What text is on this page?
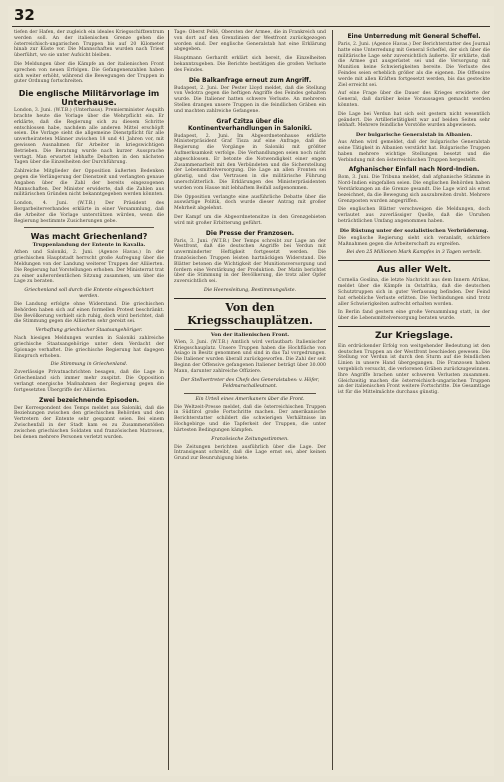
32

tiefen der Hafen, der zugleich ein ideales Kriegsschiffzentrum werden soll. An der italienischen Grenze gehen die österreichisch-ungarischen Truppen bis auf 20 Kilometer hinab zur Küste vor. Die Mannschaften wurden nach Triest überführt, wo sie unter Aufsicht bleiben.

Die Meldungen über die Kämpfe an der italienischen Front sprechen von neuen Erfolgen. Die Gefangenenzahlen haben sich weiter erhöht, während die Bewegungen der Truppen in guter Ordnung fortschreiten.

Die englische Militärvorlage im Unterhause.

London, 3. Juni. (W.T.B.) (Unterhaus). Premierminister Asquith brachte heute die Vorlage über die Wehrpflicht ein. Er erklärte, daß die Regierung sich zu diesem Schritte entschlossen habe, nachdem alle anderen Mittel erschöpft seien. Die Vorlage sieht die allgemeine Dienstpflicht für alle unverheirateten Männer zwischen 18 und 41 Jahren vor, mit gewissen Ausnahmen für Arbeiter in kriegswichtigen Betrieben. Die Beratung wurde nach kurzer Aussprache vertagt. Man erwartet lebhafte Debatten in den nächsten Tagen über die Einzelheiten der Durchführung.

Zahlreiche Mitglieder der Opposition äußerten Bedenken gegen die Verlängerung der Dienstzeit und verlangten genaue Angaben über die Zahl der bereits eingezogenen Mannschaften. Der Minister erwiderte, daß die Zahlen aus militärischen Gründen nicht bekanntgegeben werden könnten.

London, 4. Juni. (W.T.B.) Der Präsident des Bergarbeiterverbandes erklärte in einer Versammlung, daß die Arbeiter die Vorlage unterstützen würden, wenn die Regierung bestimmte Zusicherungen gebe.

Was macht Griechenland?
Truppenlandung der Entente in Kavalla.

Athen und Saloniki, 2. Juni. (Agence Havas.) In der griechischen Hauptstadt herrscht große Aufregung über die Meldungen von der Landung weiterer Truppen der Alliierten. Die Regierung hat Vorstellungen erhoben. Der Ministerrat trat zu einer außerordentlichen Sitzung zusammen, um über die Lage zu beraten.

Griechenland soll durch die Entente eingeschüchtert werden.

Die Landung erfolgte ohne Widerstand. Die griechischen Behörden haben sich auf einen formellen Protest beschränkt. Die Bevölkerung verhielt sich ruhig, doch wird berichtet, daß die Stimmung gegen die Alliierten sehr gereizt sei.

Verhaftung griechischer Staatsangehöriger.

Nach hiesigen Meldungen wurden in Saloniki zahlreiche griechische Staatsangehörige unter dem Verdacht der Spionage verhaftet. Die griechische Regierung hat dagegen Einspruch erhoben.

Die Stimmung in Griechenland.

Zuverlässige Privatnachrichten besagen, daß die Lage in Griechenland sich immer mehr zuspitzt. Die Opposition verlangt energische Maßnahmen der Regierung gegen die fortgesetzten Übergriffe der Alliierten.

Zwei bezeichnende Episoden.

Der Korrespondent des Temps meldet aus Saloniki, daß die Beziehungen zwischen den griechischen Behörden und den Vertretern der Entente sehr gespannt seien. Bei einem Zwischenfall in der Stadt kam es zu Zusammenstößen zwischen griechischen Soldaten und französischen Matrosen, bei denen mehrere Personen verletzt wurden.

Tage: Oberst Pellé, Obersten der Armee, die in Frankreich und von dort auf den Grenzlinien der Westfront zurückgezogen worden sind. Der englische Generalstab hat eine Erklärung abgegeben.

Hauptmann Gerhardt erklärt sich bereit, die Einzelheiten bekanntzugeben. Die Berichte bestätigen die großen Verluste des Feindes.

Die Balkanfrage erneut zum Angriff.

Budapest, 2. Juni. Der Pester Lloyd meldet, daß die Stellung von Vedotra gegen die heftigen Angriffe des Feindes gehalten wurde. Die Italiener hatten schwere Verluste. An mehreren Stellen drangen unsere Truppen in die feindlichen Gräben ein und machten zahlreiche Gefangene.

Graf Czitza über die Kontinentverhandlungen in Saloniki.

Budapest, 2. Juni. Im Abgeordnetenhause erklärte Ministerpräsident Graf Tisza auf eine Anfrage, daß die Regierung die Vorgänge in Saloniki mit größter Aufmerksamkeit verfolge. Die Verhandlungen seien noch nicht abgeschlossen. Er betonte die Notwendigkeit einer engen Zusammenarbeit mit den Verbündeten und die Sicherstellung der Lebensmittelversorgung. Die Lage an allen Fronten sei günstig, und das Vertrauen in die militärische Führung unerschütterlich. Die Erklärungen des Ministerpräsidenten wurden vom Hause mit lebhaftem Beifall aufgenommen.

Die Opposition verlangte eine ausführliche Debatte über die auswärtige Politik, doch wurde dieser Antrag mit großer Mehrheit abgelehnt.

Der Kampf um die Abgeordnetensitze in den Grenzgebieten wird mit großer Erbitterung geführt.

Die Presse der Franzosen.

Paris, 3. Juni. (W.T.B.) Der Temps schreibt zur Lage an der Westfront, daß die deutschen Angriffe bei Verdun mit unverminderter Heftigkeit fortgesetzt werden. Die französischen Truppen leisten hartnäckigen Widerstand. Die Blätter betonen die Wichtigkeit der Munitionsversorgung und fordern eine Verstärkung der Produktion. Der Matin berichtet über die Stimmung in der Bevölkerung, die trotz aller Opfer zuversichtlich sei.

Die Heeresleitung, Bestimmungsliste.
Von den Kriegsschauplätzen.
Von der italienischen Front.

Wien, 3. Juni. (W.T.B.) Amtlich wird verlautbart: Italienischer Kriegsschauplatz. Unsere Truppen haben die Hochfläche von Asiago in Besitz genommen und sind in das Tal vorgedrungen. Die Italiener wurden überall zurückgeworfen. Die Zahl der seit Beginn der Offensive gefangenen Italiener beträgt über 30.000 Mann, darunter zahlreiche Offiziere.

Der Stellvertreter des Chefs des Generalstabes: v. Höfer, Feldmarschalleutnant.
Ein Urteil eines Amerikaners über die Front.

Die Weltzeit-Presse meldet, daß die österreichischen Truppen in Südtirol große Fortschritte machen. Der amerikanische Berichterstatter schildert die schwierigen Verhältnisse im Hochgebirge und die Tapferkeit der Truppen, die unter härtesten Bedingungen kämpfen.

Französische Zeitungsstimmen.

Die Zeitungen berichten ausführlich über die Lage. Der Intransigeant schreibt, daß die Lage ernst sei, aber keinen Grund zur Beunruhigung biete.

Eine Unterredung mit General Scheffel.

Paris, 2. Juni. (Agence Havas.) Der Berichterstatter des Journal hatte eine Unterredung mit General Scheffel, der sich über die militärische Lage sehr zuversichtlich äußerte. Er erklärte, daß die Armee gut ausgerüstet sei und die Versorgung mit Munition keine Schwierigkeiten bereite. Die Verluste des Feindes seien erheblich größer als die eigenen. Die Offensive werde mit allen Kräften fortgesetzt werden, bis das gesteckte Ziel erreicht sei.

Auf eine Frage über die Dauer des Krieges erwiderte der General, daß darüber keine Voraussagen gemacht werden könnten.

Die Lage bei Verdun hat sich seit gestern nicht wesentlich geändert. Die Artillerietätigkeit war auf beiden Seiten sehr lebhaft. Mehrere feindliche Vorstöße wurden abgewiesen.

Der bulgarische Generalstab in Albanien.

Aus Athen wird gemeldet, daß der bulgarische Generalstab seine Tätigkeit in Albanien verstärkt hat. Bulgarische Truppen haben mehrere wichtige Stellungen besetzt und die Verbindung mit den österreichischen Truppen hergestellt.

Afghanischer Einfall nach Nord-Indien.

Rom, 3. Juni. Die Tribuna meldet, daß afghanische Stämme in Nord-Indien eingefallen seien. Die englischen Behörden haben Verstärkungen an die Grenze gesandt. Die Lage wird als ernst bezeichnet, da die Bewegung sich auszubreiten droht. Mehrere Grenzposten wurden angegriffen.

Die englischen Blätter verschweigen die Meldungen, doch verlautet aus zuverlässiger Quelle, daß die Unruhen beträchtlichen Umfang angenommen haben.

Die Rüstung unter der sozialistischen Verbrüderung.

Die englische Regierung sieht sich veranlaßt, schärfere Maßnahmen gegen die Arbeiterschaft zu ergreifen.

Bei den 25 Millionen Mark Kampfes in 3 Tagen verteilt.
Aus aller Welt.

Cornelia Goslina, die letzte Nachricht aus dem Innern Afrikas, meldet über die Kämpfe in Ostafrika, daß die deutschen Schutztruppen sich in guter Verfassung befinden. Der Feind hat erhebliche Verluste erlitten. Die Verbindungen sind trotz aller Schwierigkeiten aufrecht erhalten worden.

In Berlin fand gestern eine große Versammlung statt, in der über die Lebensmittelversorgung beraten wurde.

Zur Kriegslage.

Ein erdrückender Erfolg von weitgehender Bedeutung ist den deutschen Truppen an der Westfront beschieden gewesen. Die Stellung vor Verdun ist durch den Sturm auf die feindlichen Linien in unsere Hand übergegangen. Die Franzosen haben vergeblich versucht, die verlorenen Gräben zurückzugewinnen. Ihre Angriffe brachen unter schweren Verlusten zusammen. Gleichzeitig machen die österreichisch-ungarischen Truppen an der italienischen Front weitere Fortschritte. Die Gesamtlage ist für die Mittelmächte durchaus günstig.
